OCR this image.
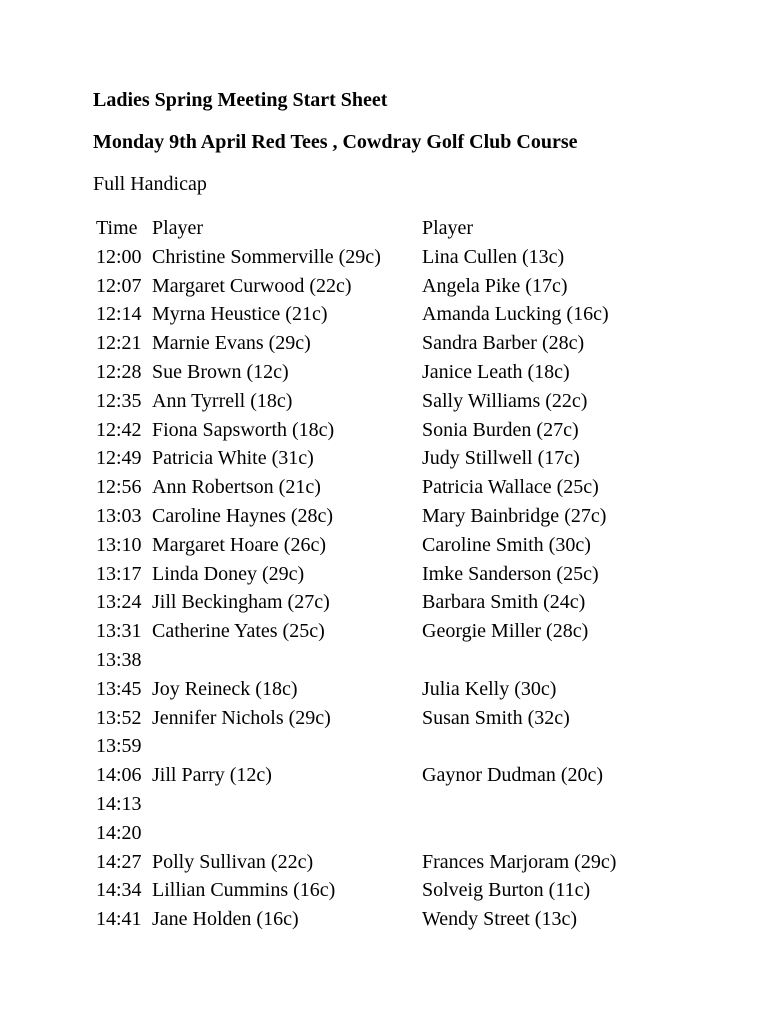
Ladies Spring Meeting Start Sheet
Monday 9th April Red Tees , Cowdray Golf Club Course
Full Handicap
Time Player	Player
12:00 Christine Sommerville (29c) Lina Cullen (13c)
12:07 Margaret Curwood (22c)	Angela Pike (17c)
12:14 Myrna Heustice (21c)	Amanda Lucking (16c)
12:21 Marnie Evans (29c)	Sandra Barber (28c)
12:28 Sue Brown (12c)	Janice Leath (18c)
12:35 Ann Tyrrell (18c)	Sally Williams (22c)
12:42 Fiona Sapsworth (18c)	Sonia Burden (27c)
12:49 Patricia White (31c)	Judy Stillwell (17c)
12:56 Ann Robertson (21c)	Patricia Wallace (25c)
13:03 Caroline Haynes (28c)	Mary Bainbridge (27c)
13:10 Margaret Hoare (26c)	Caroline Smith (30c)
13:17 Linda Doney (29c)	Imke Sanderson (25c)
13:24 Jill Beckingham (27c)	Barbara Smith (24c)
13:31 Catherine Yates (25c)	Georgie Miller (28c)
13:38
13:45 Joy Reineck (18c)	Julia Kelly (30c)
13:52 Jennifer Nichols (29c)	Susan Smith (32c)
13:59
14:06 Jill Parry (12c)	Gaynor Dudman (20c)
14:13
14:20
14:27 Polly Sullivan (22c)	Frances Marjoram (29c)
14:34 Lillian Cummins (16c)	Solveig Burton (11c)
14:41 Jane Holden (16c)	Wendy Street (13c)
